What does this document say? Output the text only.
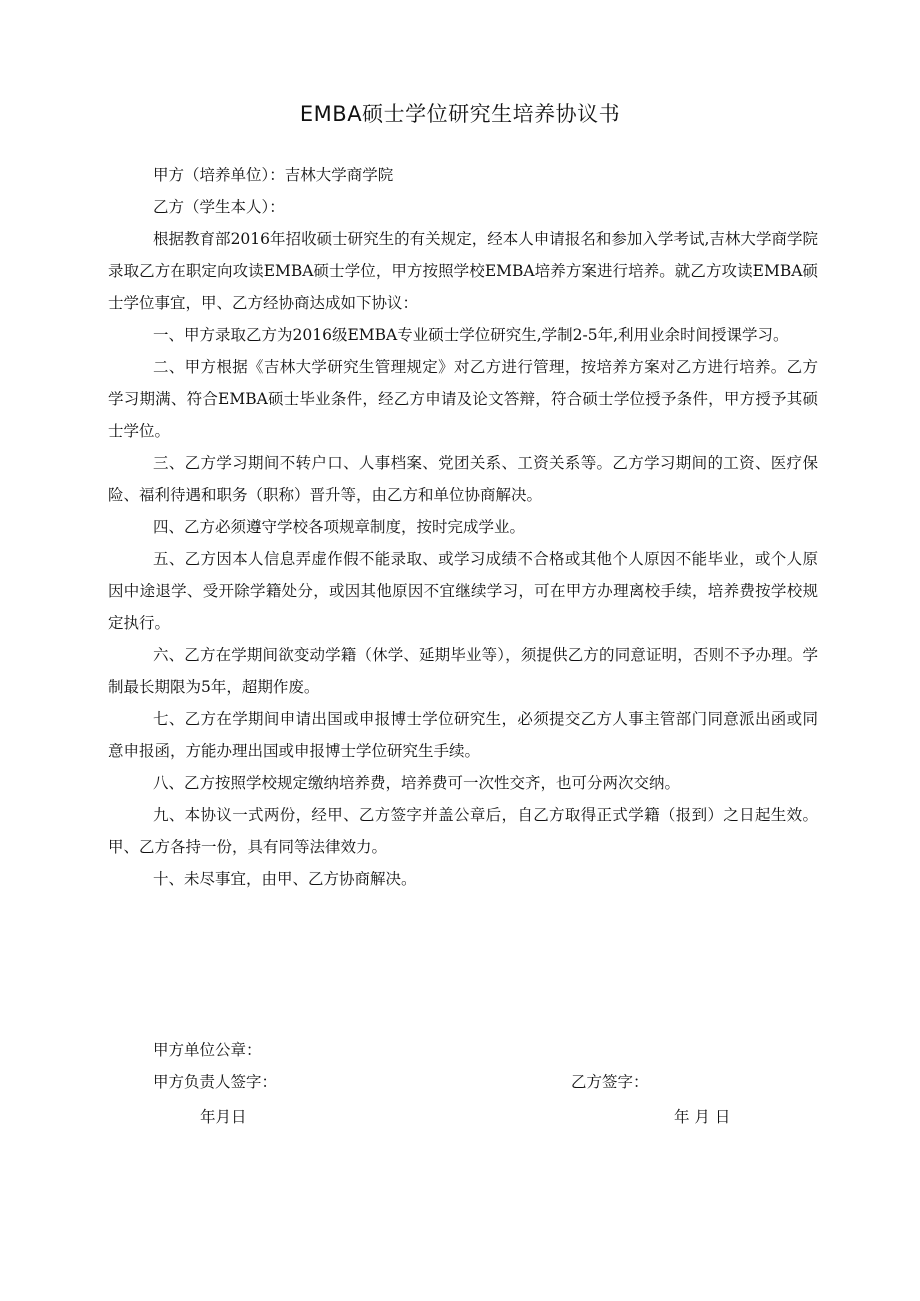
EMBA硕士学位研究生培养协议书

甲方（培养单位）：吉林大学商学院

乙方（学生本人）：

根据教育部2016年招收硕士研究生的有关规定，经本人申请报名和参加入学考试,吉林大学商学院录取乙方在职定向攻读EMBA硕士学位，甲方按照学校EMBA培养方案进行培养。就乙方攻读EMBA硕士学位事宜，甲、乙方经协商达成如下协议：

一、甲方录取乙方为2016级EMBA专业硕士学位研究生,学制2-5年,利用业余时间授课学习。

二、甲方根据《吉林大学研究生管理规定》对乙方进行管理，按培养方案对乙方进行培养。乙方学习期满、符合EMBA硕士毕业条件，经乙方申请及论文答辩，符合硕士学位授予条件，甲方授予其硕士学位。

三、乙方学习期间不转户口、人事档案、党团关系、工资关系等。乙方学习期间的工资、医疗保险、福利待遇和职务（职称）晋升等，由乙方和单位协商解决。

四、乙方必须遵守学校各项规章制度，按时完成学业。

五、乙方因本人信息弄虚作假不能录取、或学习成绩不合格或其他个人原因不能毕业，或个人原因中途退学、受开除学籍处分，或因其他原因不宜继续学习，可在甲方办理离校手续，培养费按学校规定执行。

六、乙方在学期间欲变动学籍（休学、延期毕业等），须提供乙方的同意证明，否则不予办理。学制最长期限为5年，超期作废。

七、乙方在学期间申请出国或申报博士学位研究生，必须提交乙方人事主管部门同意派出函或同意申报函，方能办理出国或申报博士学位研究生手续。

八、乙方按照学校规定缴纳培养费，培养费可一次性交齐，也可分两次交纳。

九、本协议一式两份，经甲、乙方签字并盖公章后，自乙方取得正式学籍（报到）之日起生效。甲、乙方各持一份，具有同等法律效力。

十、未尽事宜，由甲、乙方协商解决。

甲方单位公章：
甲方负责人签字：	乙方签字：
年月日	年 月 日
